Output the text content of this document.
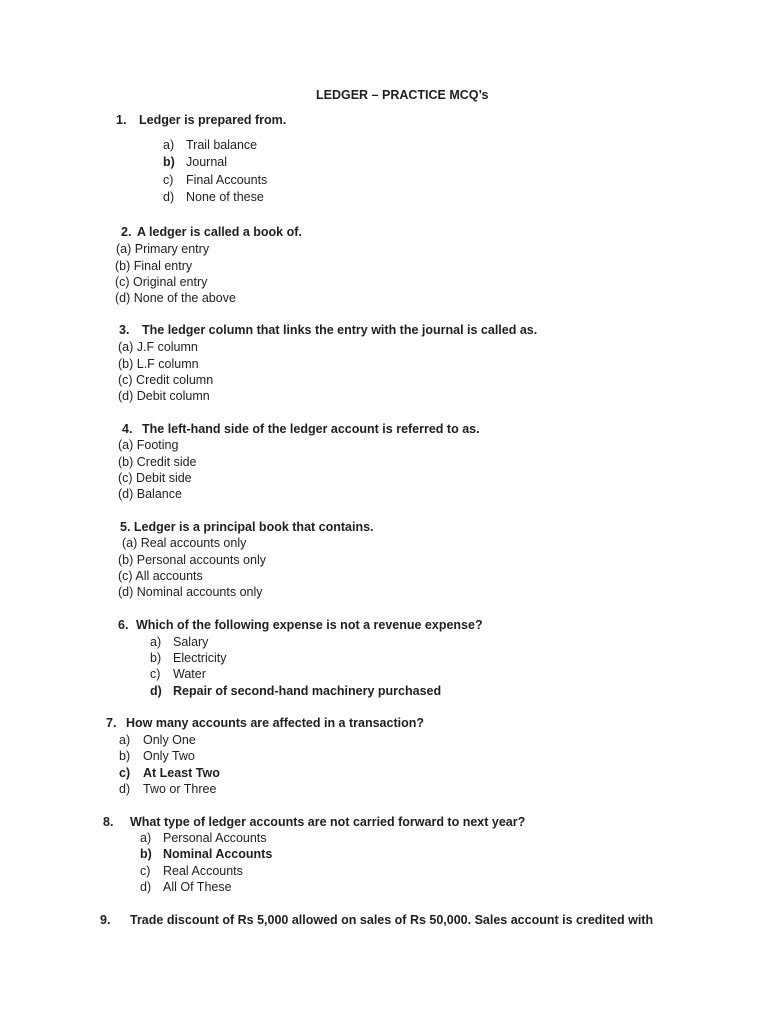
LEDGER – PRACTICE MCQ’s
1. Ledger is prepared from.
a) Trail balance
b) Journal
c) Final Accounts
d) None of these
2. A ledger is called a book of.
(a) Primary entry
(b) Final entry
(c) Original entry
(d) None of the above
3. The ledger column that links the entry with the journal is called as.
(a) J.F column
(b) L.F column
(c) Credit column
(d) Debit column
4. The left-hand side of the ledger account is referred to as.
(a) Footing
(b) Credit side
(c) Debit side
(d) Balance
5. Ledger is a principal book that contains.
(a) Real accounts only
(b) Personal accounts only
(c) All accounts
(d) Nominal accounts only
6. Which of the following expense is not a revenue expense?
a) Salary
b) Electricity
c) Water
d) Repair of second-hand machinery purchased
7. How many accounts are affected in a transaction?
a) Only One
b) Only Two
c) At Least Two
d) Two or Three
8. What type of ledger accounts are not carried forward to next year?
a) Personal Accounts
b) Nominal Accounts
c) Real Accounts
d) All Of These
9. Trade discount of Rs 5,000 allowed on sales of Rs 50,000. Sales account is credited with
